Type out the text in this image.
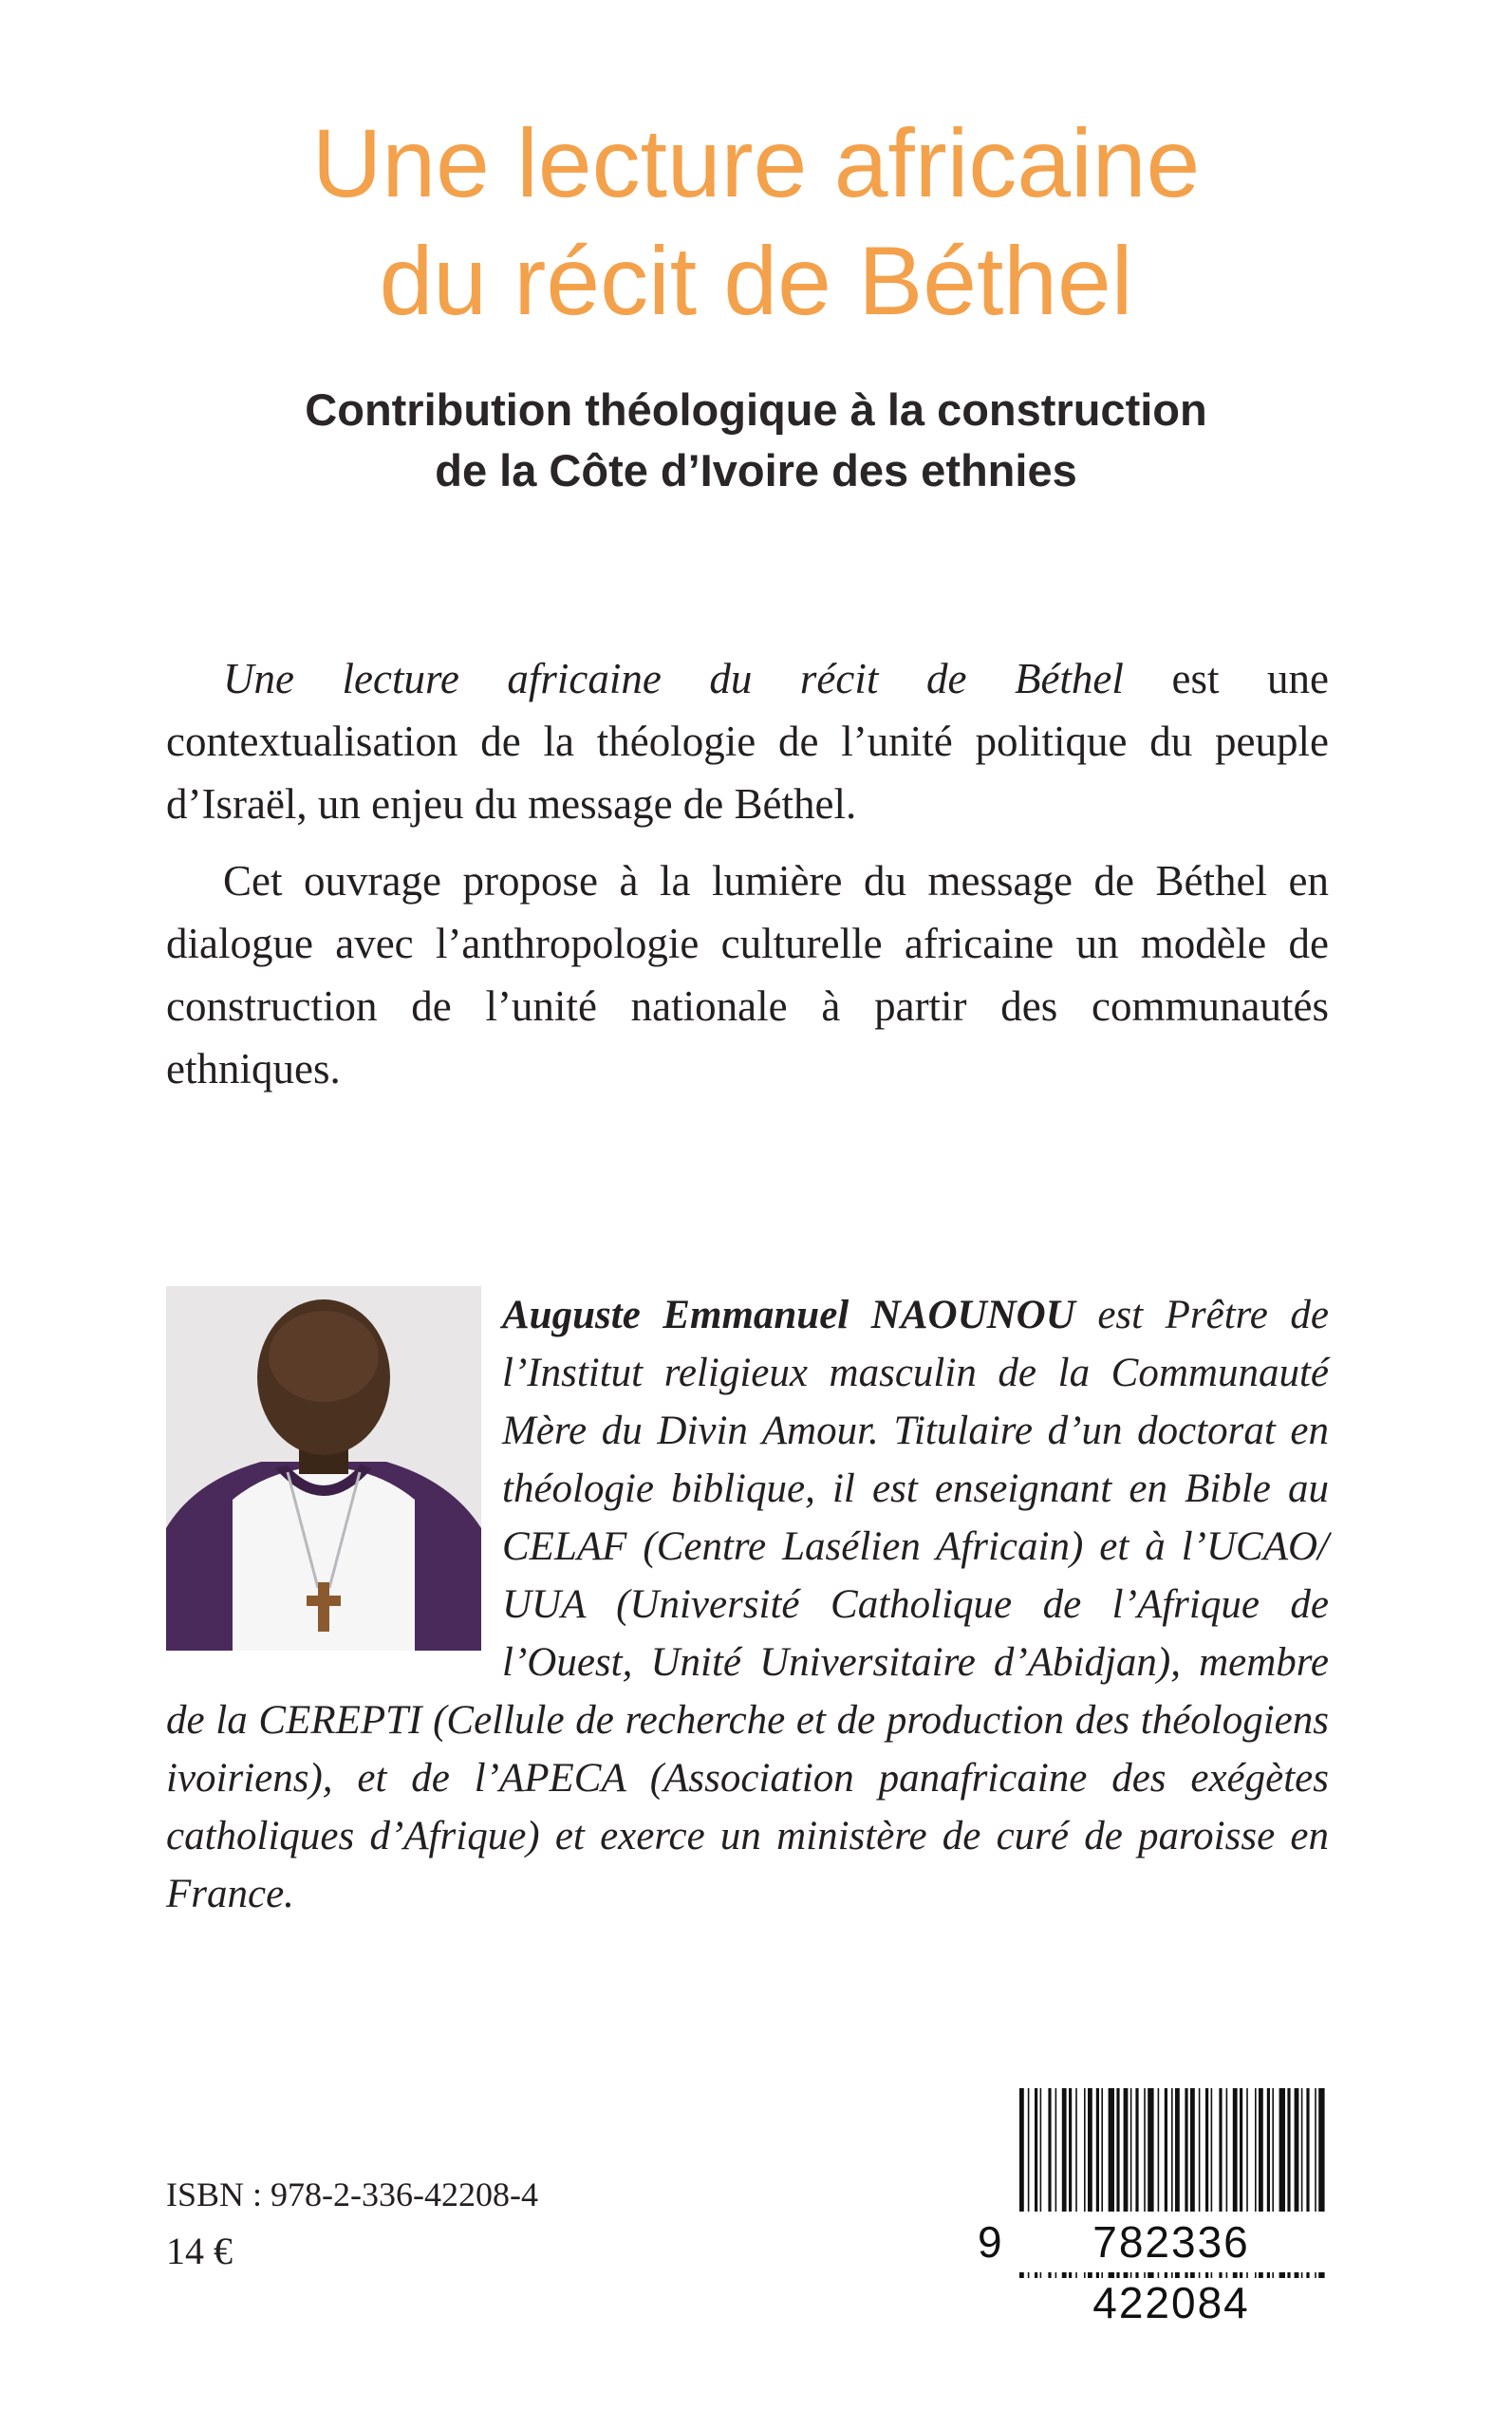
Une lecture africaine
du récit de Béthel
Contribution théologique à la construction
de la Côte d’Ivoire des ethnies

Une lecture africaine du récit de Béthel est une contextualisation de la théologie de l’unité politique du peuple d’Israël, un enjeu du message de Béthel.

Cet ouvrage propose à la lumière du message de Béthel en dialogue avec l’anthropologie culturelle africaine un modèle de construction de l’unité nationale à partir des communautés ethniques.

Auguste Emmanuel NAOUNOU est Prêtre de l’Institut religieux masculin de la Communauté Mère du Divin Amour. Titulaire d’un doctorat en théologie biblique, il est enseignant en Bible au CELAF (Centre Lasélien Africain) et à l’UCAO/ UUA (Université Catholique de l’Afrique de l’Ouest, Unité Universitaire d’Abidjan), membre de la CEREPTI (Cellule de recherche et de production des théologiens ivoiriens), et de l’APECA (Association panafricaine des exégètes catholiques d’Afrique) et exerce un ministère de curé de paroisse en France.
ISBN : 978-2-336-42208-4
14 €	9	782336 422084
